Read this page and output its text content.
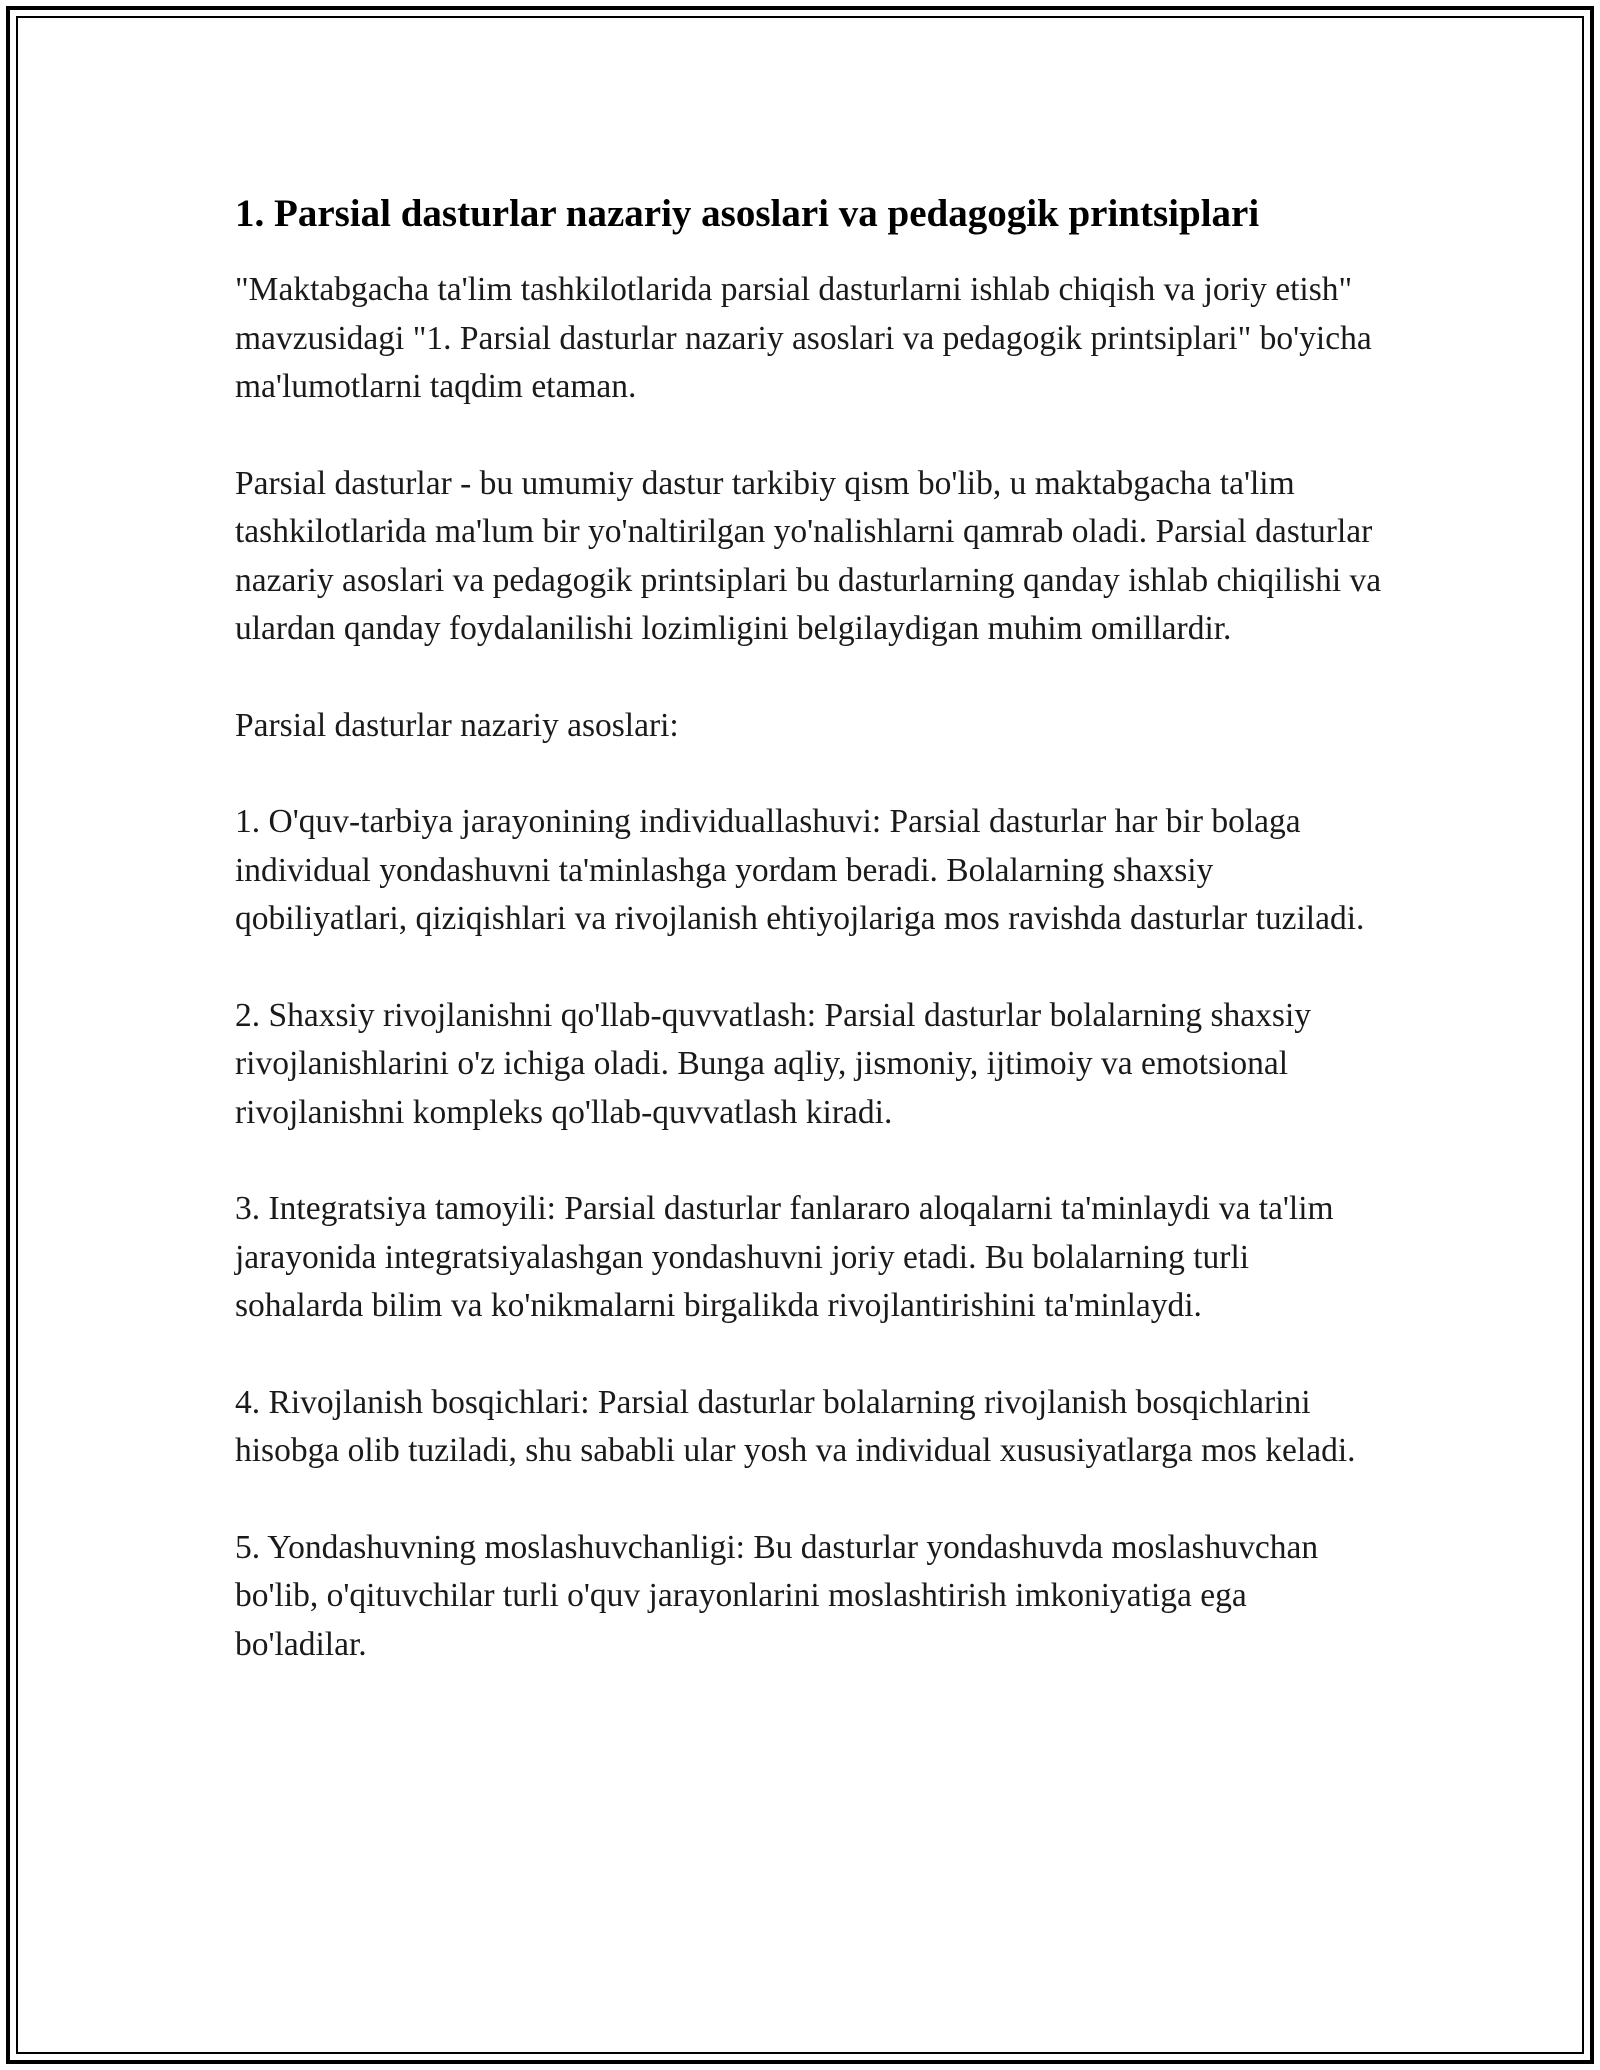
1. Parsial dasturlar nazariy asoslari va pedagogik printsiplari

"Maktabgacha ta'lim tashkilotlarida parsial dasturlarni ishlab chiqish va joriy etish" mavzusidagi "1. Parsial dasturlar nazariy asoslari va pedagogik printsiplari" bo'yicha ma'lumotlarni taqdim etaman.

Parsial dasturlar - bu umumiy dastur tarkibiy qism bo'lib, u maktabgacha ta'lim tashkilotlarida ma'lum bir yo'naltirilgan yo'nalishlarni qamrab oladi. Parsial dasturlar nazariy asoslari va pedagogik printsiplari bu dasturlarning qanday ishlab chiqilishi va ulardan qanday foydalanilishi lozimligini belgilaydigan muhim omillardir.

Parsial dasturlar nazariy asoslari:

1. O'quv-tarbiya jarayonining individuallashuvi: Parsial dasturlar har bir bolaga individual yondashuvni ta'minlashga yordam beradi. Bolalarning shaxsiy qobiliyatlari, qiziqishlari va rivojlanish ehtiyojlariga mos ravishda dasturlar tuziladi.

2. Shaxsiy rivojlanishni qo'llab-quvvatlash: Parsial dasturlar bolalarning shaxsiy rivojlanishlarini o'z ichiga oladi. Bunga aqliy, jismoniy, ijtimoiy va emotsional rivojlanishni kompleks qo'llab-quvvatlash kiradi.

3. Integratsiya tamoyili: Parsial dasturlar fanlararo aloqalarni ta'minlaydi va ta'lim jarayonida integratsiyalashgan yondashuvni joriy etadi. Bu bolalarning turli sohalarda bilim va ko'nikmalarni birgalikda rivojlantirishini ta'minlaydi.

4. Rivojlanish bosqichlari: Parsial dasturlar bolalarning rivojlanish bosqichlarini hisobga olib tuziladi, shu sababli ular yosh va individual xususiyatlarga mos keladi.

5. Yondashuvning moslashuvchanligi: Bu dasturlar yondashuvda moslashuvchan bo'lib, o'qituvchilar turli o'quv jarayonlarini moslashtirish imkoniyatiga ega bo'ladilar.
